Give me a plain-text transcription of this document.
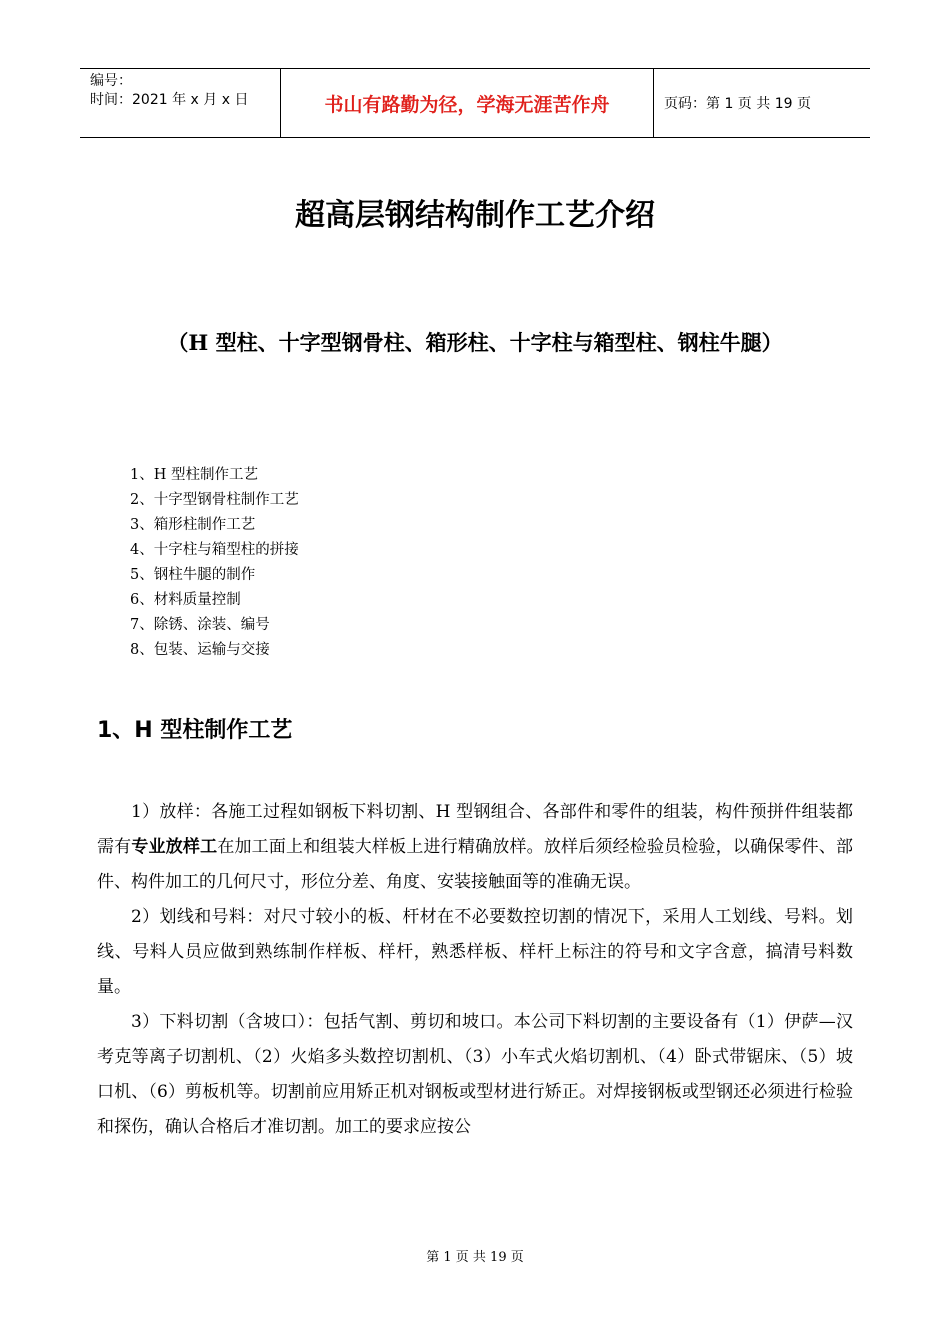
编号：
时间：2021 年 x 月 x 日	书山有路勤为径，学海无涯苦作舟	页码：第 1 页 共 19 页
超高层钢结构制作工艺介绍
（H 型柱、十字型钢骨柱、箱形柱、十字柱与箱型柱、钢柱牛腿）
1、H 型柱制作工艺
2、十字型钢骨柱制作工艺
3、箱形柱制作工艺
4、十字柱与箱型柱的拼接
5、钢柱牛腿的制作
6、材料质量控制
7、除锈、涂装、编号
8、包装、运输与交接
1、H 型柱制作工艺

1）放样：各施工过程如钢板下料切割、H 型钢组合、各部件和零件的组装，构件预拼件组装都需有专业放样工在加工面上和组装大样板上进行精确放样。放样后须经检验员检验，以确保零件、部件、构件加工的几何尺寸，形位分差、角度、安装接触面等的准确无误。

2）划线和号料：对尺寸较小的板、杆材在不必要数控切割的情况下，采用人工划线、号料。划线、号料人员应做到熟练制作样板、样杆，熟悉样板、样杆上标注的符号和文字含意，搞清号料数量。

3）下料切割（含坡口）：包括气割、剪切和坡口。本公司下料切割的主要设备有（1）伊萨—汉考克等离子切割机、（2）火焰多头数控切割机、（3）小车式火焰切割机、（4）卧式带锯床、（5）坡口机、（6）剪板机等。切割前应用矫正机对钢板或型材进行矫正。对焊接钢板或型钢还必须进行检验和探伤，确认合格后才准切割。加工的要求应按公

第 1 页 共 19 页
